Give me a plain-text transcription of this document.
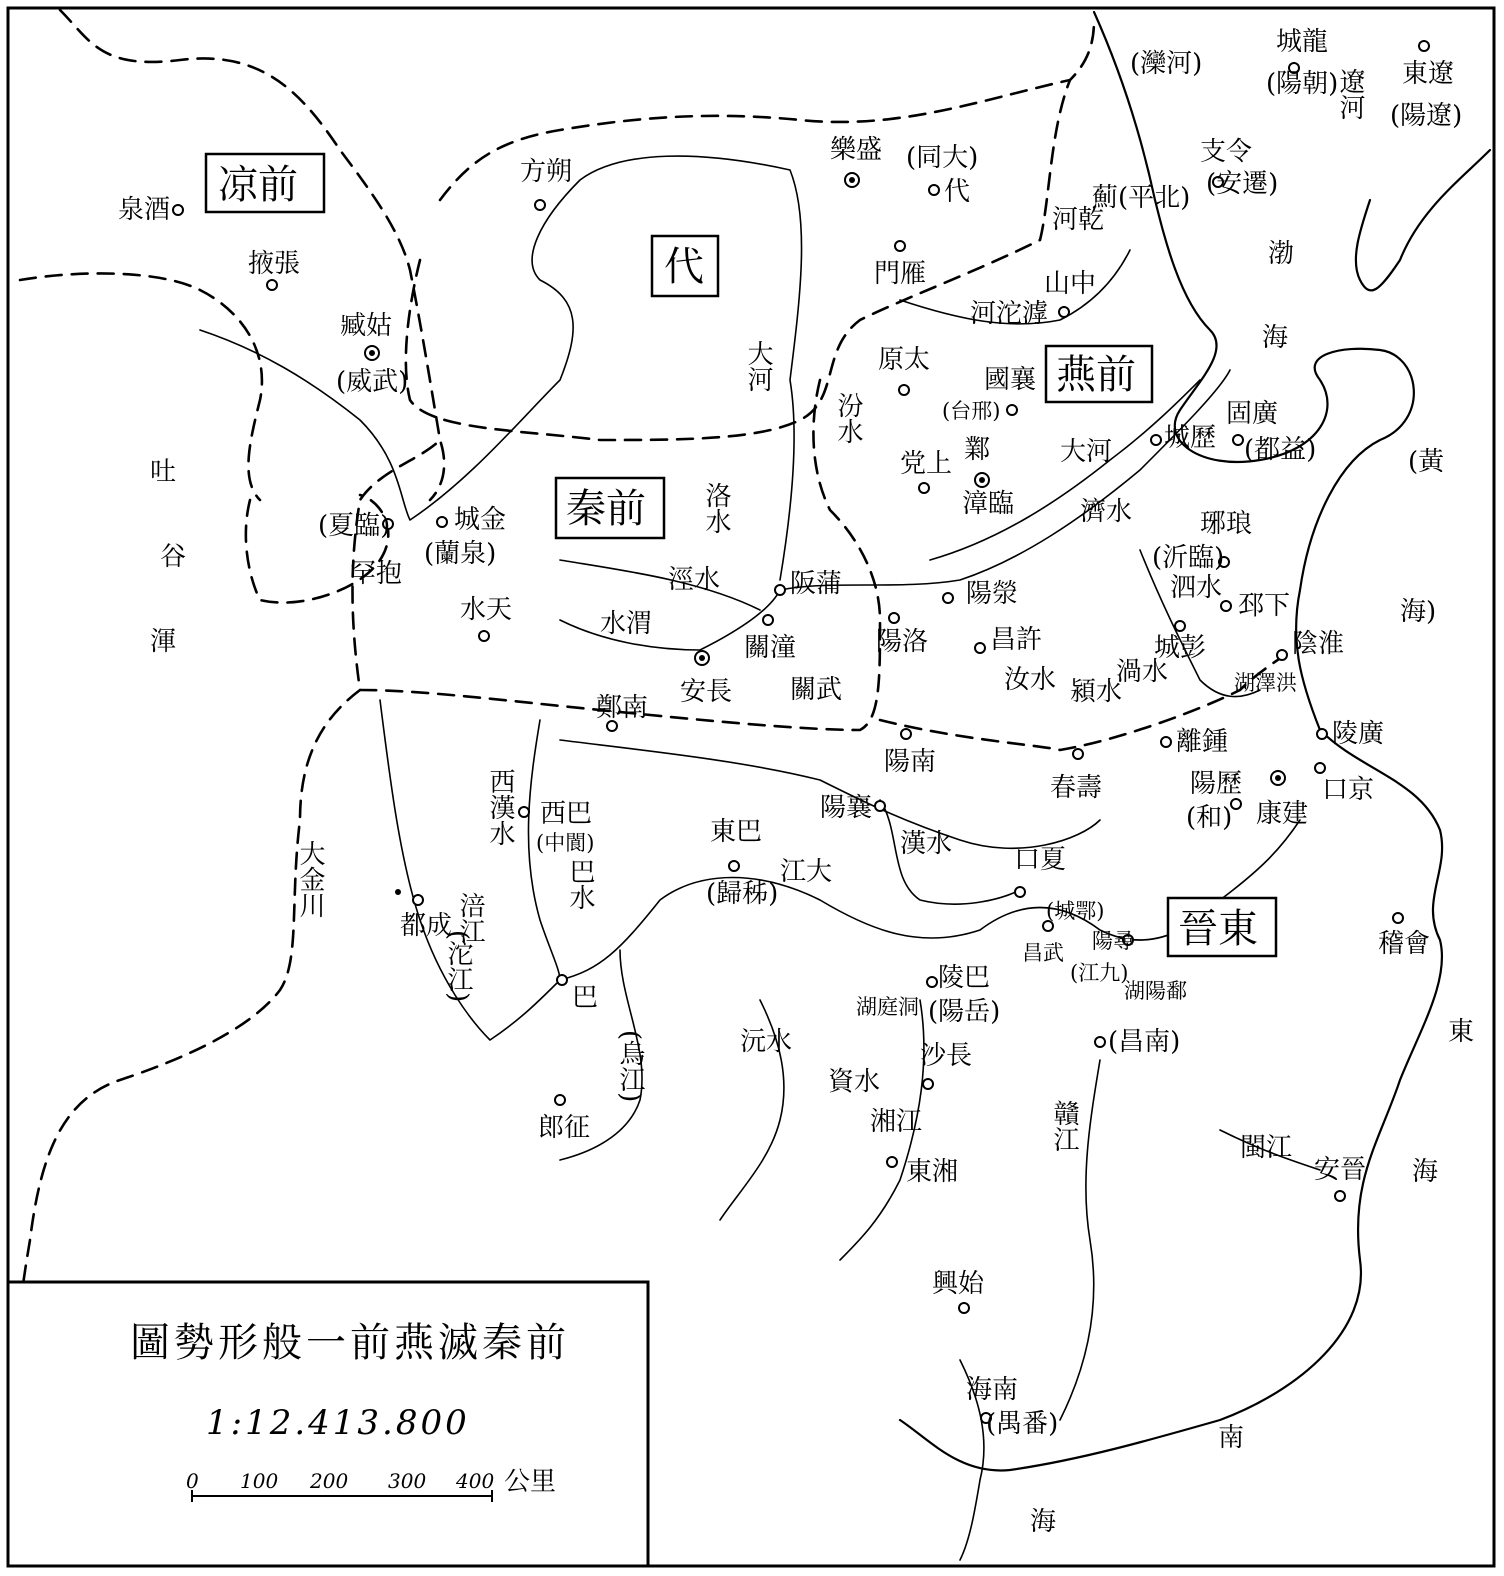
凉前
代
秦前
燕前
晉東
吐
谷
渾
渤
海
(黃
海)
東
海
南
海
泉酒
掖張
臧姑
(威武)
方朔
樂盛 (同大)
代
門雁
城龍
(陽朝) 東遼
(陽遼)
支令
(安遷)
薊(平北)
山中
原太
國襄
(台邢)
鄴
漳臨
党上
城歷
固廣
(都益)
琊琅
(沂臨)
邳下
城彭	陰淮
陵廣
口京
康建
陽歷
(和)
離鍾
春壽
昌許
陽滎
陽洛
阪蒲
關潼
安長 關武
鄭南
陽南
陽襄
口夏
(城鄂)
昌武 陽尋
(江九)
(昌南)
陵巴
(陽岳)
沙長
東湘
東巴
(歸秭)
西巴
(中閬)
都成
巴
郎征
興始
海南
(禺番)
安晉
稽會
水天
城金
(蘭泉)
罕抱
(夏臨)
大河
汾水
洛水
涇水
水渭
河沱滹
河乾
(灤河)
遼河
大河
濟水
泗水
汝水 潁水
渦水	湖澤洪
漢水
西漢水
巴水
涪江
(沱江)
(烏江)	沅水
資水
湘江
湖庭洞
湖陽鄱
贛江	閩江
大金川	江大
圖勢形般一前燕滅秦前
1:12.413.800
0 100 200 300 400 公里
